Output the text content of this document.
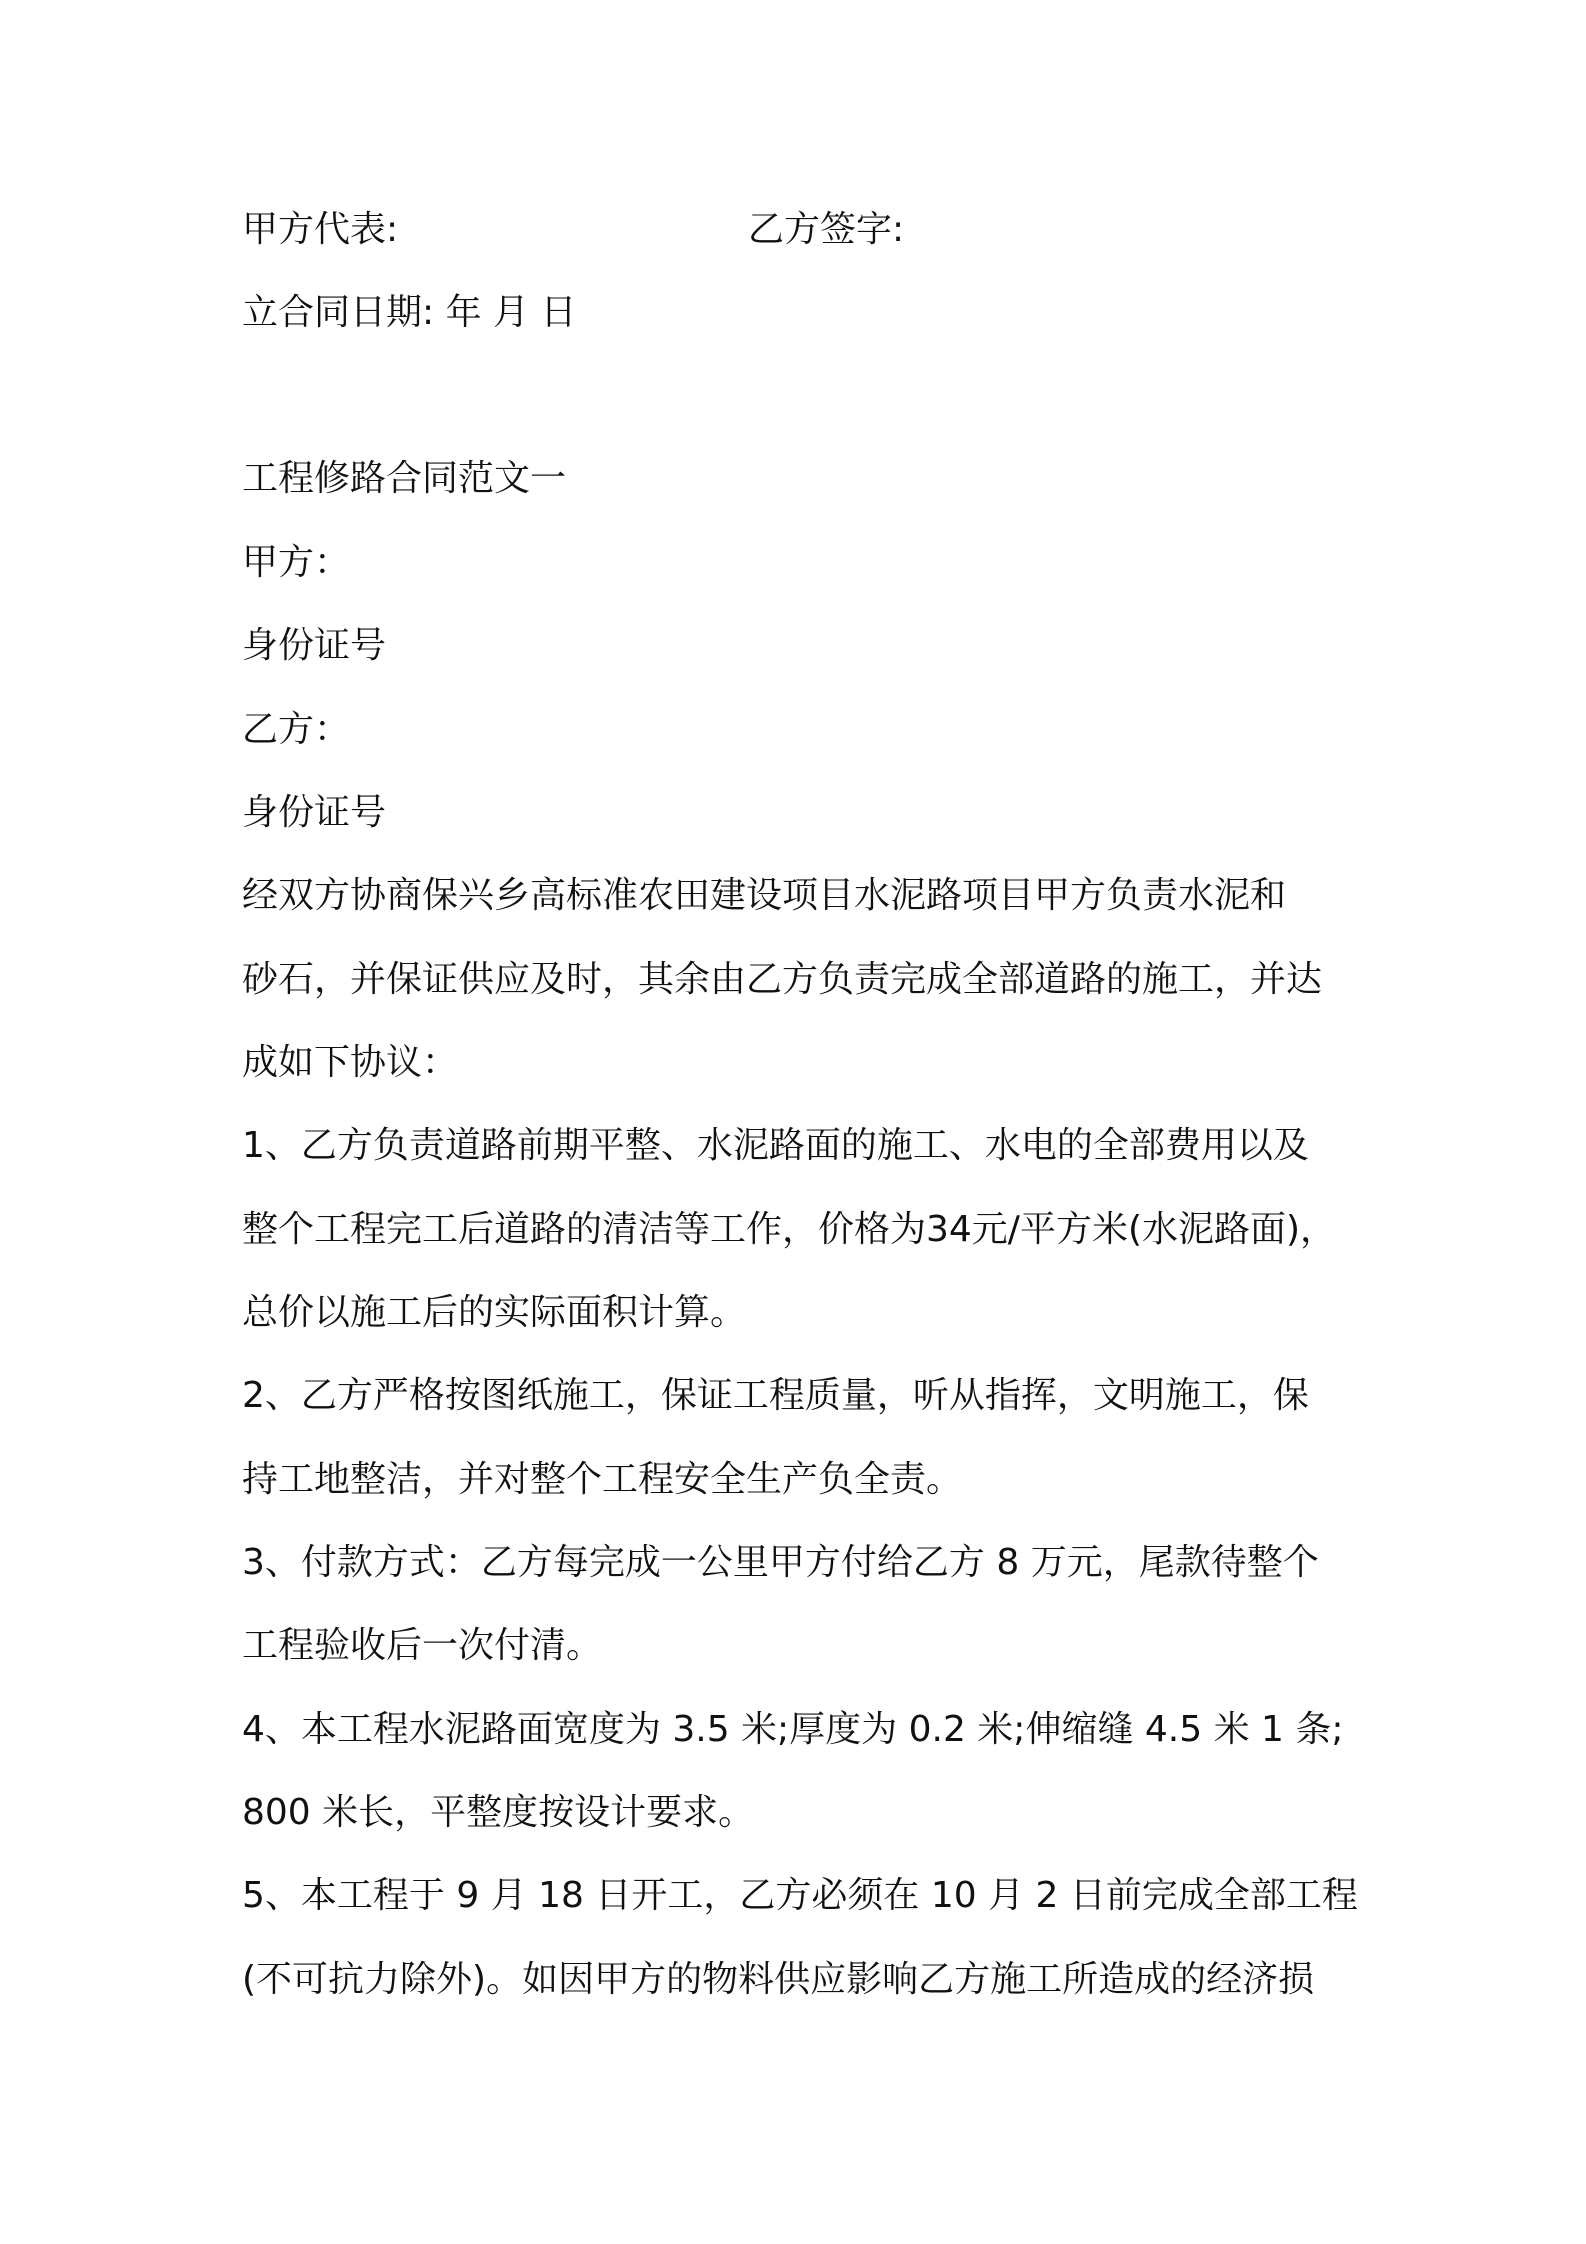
甲方代表:	乙方签字:
立合同日期: 年 月 日
工程修路合同范文一
甲方：
身份证号
乙方：
身份证号
经双方协商保兴乡高标准农田建设项目水泥路项目甲方负责水泥和
砂石，并保证供应及时，其余由乙方负责完成全部道路的施工，并达
成如下协议：
1、乙方负责道路前期平整、水泥路面的施工、水电的全部费用以及
整个工程完工后道路的清洁等工作，价格为34元/平方米(水泥路面)，
总价以施工后的实际面积计算。
2、乙方严格按图纸施工，保证工程质量，听从指挥，文明施工，保
持工地整洁，并对整个工程安全生产负全责。
3、付款方式：乙方每完成一公里甲方付给乙方 8 万元，尾款待整个
工程验收后一次付清。
4、本工程水泥路面宽度为 3.5 米;厚度为 0.2 米;伸缩缝 4.5 米 1 条;
800 米长，平整度按设计要求。
5、本工程于 9 月 18 日开工，乙方必须在 10 月 2 日前完成全部工程
(不可抗力除外)。如因甲方的物料供应影响乙方施工所造成的经济损
